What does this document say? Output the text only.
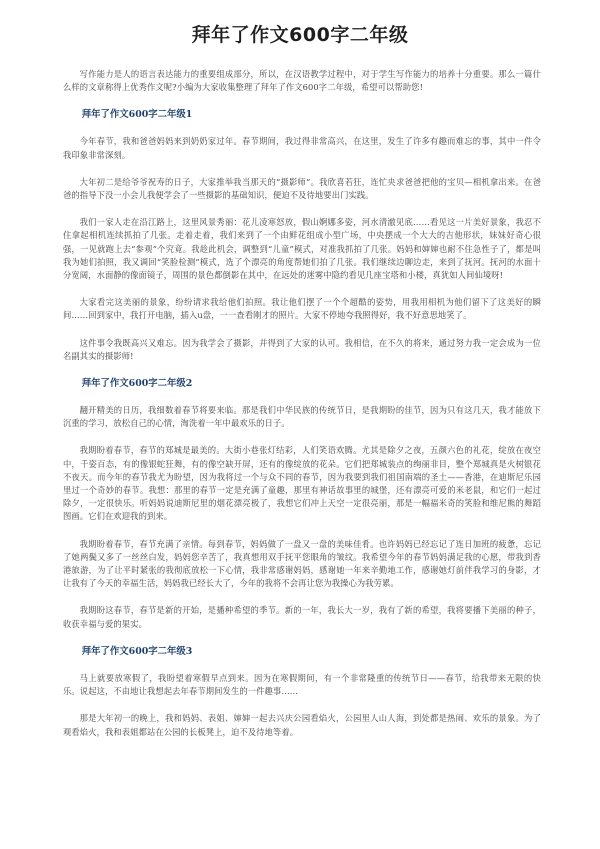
拜年了作文600字二年级

写作能力是人的语言表达能力的重要组成部分，所以，在汉语教学过程中，对于学生写作能力的培养十分重要。那么一篇什么样的文章称得上优秀作文呢?小编为大家收集整理了拜年了作文600字二年级，希望可以帮助您!

拜年了作文600字二年级1

今年春节，我和爸爸妈妈来到奶奶家过年。春节期间，我过得非常高兴，在这里，发生了许多有趣而难忘的事，其中一件令我印象非常深刻。

大年初二是给爷爷祝寿的日子，大家推举我当那天的“摄影师”。我欣喜若狂，连忙央求爸爸把他的宝贝—相机拿出来。在爸爸的指导下没一小会儿我便学会了一些摄影的基础知识，便迫不及待地要出门实践。

我们一家人走在沿江路上，这里风景秀丽：花儿凌寒怒放，假山婀娜多姿，河水清澈见底……看见这一片美好景象，我忍不住拿起相机连续抓拍了几张。走着走着，我们来到了一个由鲜花组成小型广场，中央摆成一个大大的吉他形状，妹妹好奇心很强，一见就跑上去“参观”个究竟。我趁此机会，调整到“儿童”模式，对准我抓拍了几张。妈妈和婶婶也耐不住急性子了，都是叫我为她们拍照，我又调回“笑脸检测”模式，选了个漂亮的角度帮她们拍了几张。我们继续边聊边走，来到了抚河。抚河的水面十分宽阔，水面静的像面镜子，周围的景色都倒影在其中，在远处的迷雾中隐约看见几座宝塔和小楼，真犹如人间仙境呀!

大家看完这美丽的景象，纷纷请求我给他们拍照。我让他们摆了一个个超酷的姿势，用我用相机为他们留下了这美好的瞬间……回到家中，我打开电脑，插入u盘，一一查看刚才的照片。大家不停地夸我照得好，我不好意思地笑了。

这件事令我既高兴又难忘。因为我学会了摄影，并得到了大家的认可。我相信，在不久的将来，通过努力我一定会成为一位名副其实的摄影师!

拜年了作文600字二年级2

翻开精美的日历，我细数着春节将要来临。那是我们中华民族的传统节日，是我期盼的佳节，因为只有这几天，我才能放下沉重的学习，放松自己的心情，淘洗着一年中最欢乐的日子。

我期盼着春节，春节的郑城是最美的。大街小巷张灯结彩，人们笑语欢腾。尤其是除夕之夜，五颜六色的礼花，绽放在夜空中，千姿百态，有的像银蛇狂舞，有的像空缺开屏，还有的像绽放的花朵。它们把郑城装点的绚丽非目，整个郑城真是火树银花不夜天。而今年的春节我尤为盼望，因为我将过一个与众不同的春节，因为我要到我们祖国南端的圣土——香港，在迪斯尼乐园里过一个奇妙的春节。我想：那里的春节一定是充满了童趣，那里有神话故事里的城堡，还有漂亮可爱的米老鼠，和它们一起过除夕，一定很快乐。听妈妈说迪斯尼里的烟花漂亮极了，我想它们冲上天空一定很亮丽，那是一幅福米奇的笑脸和维尼熊的舞蹈图画。它们在欢迎我的到来。

我期盼着春节，春节充满了亲情。每到春节，妈妈做了一盘又一盘的美味佳肴。也许妈妈已经忘记了连日加班的疲惫，忘记了她两鬓又多了一丝丝白发，妈妈您辛苦了，我真想用双手抚平您眼角的皱纹。我希望今年的春节妈妈满足我的心愿，带我到香港旅游，为了让平时紧张的我彻底放松一下心情，我非常感谢妈妈，感谢她一年来辛勤地工作，感谢她灯前伴我学习的身影，才让我有了今天的幸福生活，妈妈我已经长大了，今年的我将不会再让您为我操心为我劳累。

我期盼这春节，春节是新的开始，是播种希望的季节。新的一年，我长大一岁，我有了新的希望，我将要播下美丽的种子，收获幸福与爱的果实。

拜年了作文600字二年级3

马上就要放寒假了，我盼望着寒假早点到来。因为在寒假期间，有一个非常隆重的传统节日——春节，给我带来无限的快乐。说起这，不由地让我想起去年春节期间发生的一件趣事……

那是大年初一的晚上，我和妈妈、表姐、婶婶一起去兴庆公园看焰火，公园里人山人海，到处都是热闹、欢乐的景象。为了观看焰火，我和表姐都站在公园的长板凳上，迫不及待地等着。
